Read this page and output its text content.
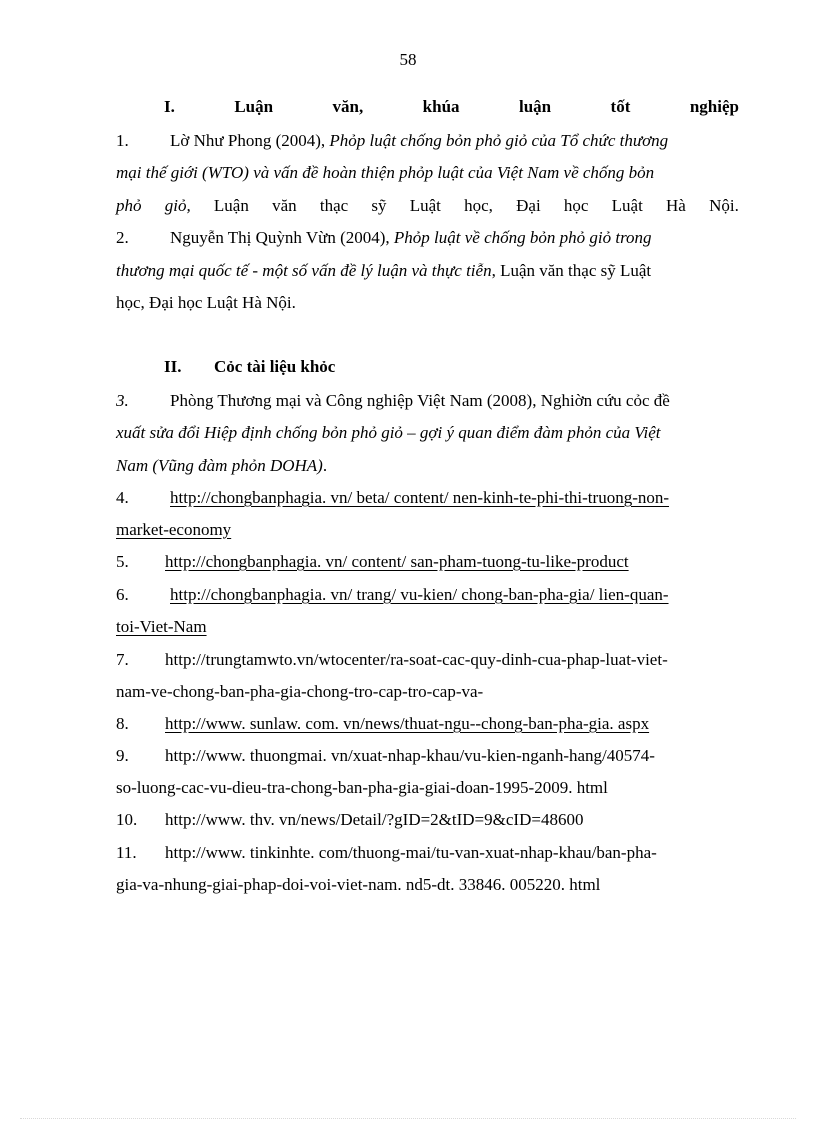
58
I.	Luận	văn,	khúa	luận	tốt	nghiệp
1. Lờ Như Phong (2004), Phỏp luật chống bỏn phỏ giỏ của Tổ chức thương
mại thế giới (WTO) và vấn đề hoàn thiện phỏp luật của Việt Nam về chống bỏn
phỏ giỏ, Luận văn thạc sỹ Luật học, Đại học Luật Hà Nội.
2. Nguyễn Thị Quỳnh Vừn (2004), Phỏp luật về chống bỏn phỏ giỏ trong
thương mại quốc tế - một số vấn đề lý luận và thực tiễn, Luận văn thạc sỹ Luật
học, Đại học Luật Hà Nội.
II. Cỏc tài liệu khỏc
3. Phòng Thương mại và Công nghiệp Việt Nam (2008), Nghiờn cứu cỏc đề
xuất sửa đổi Hiệp định chống bỏn phỏ giỏ – gợi ý quan điểm đàm phỏn của Việt
Nam (Vũng đàm phỏn DOHA).
4. http://chongbanphagia. vn/ beta/ content/ nen-kinh-te-phi-thi-truong-non-
market-economy
5. http://chongbanphagia. vn/ content/ san-pham-tuong-tu-like-product
6. http://chongbanphagia. vn/ trang/ vu-kien/ chong-ban-pha-gia/ lien-quan-
toi-Viet-Nam
7. http://trungtamwto.vn/wtocenter/ra-soat-cac-quy-dinh-cua-phap-luat-viet-
nam-ve-chong-ban-pha-gia-chong-tro-cap-tro-cap-va-
8. http://www. sunlaw. com. vn/news/thuat-ngu--chong-ban-pha-gia. aspx
9. http://www. thuongmai. vn/xuat-nhap-khau/vu-kien-nganh-hang/40574-
so-luong-cac-vu-dieu-tra-chong-ban-pha-gia-giai-doan-1995-2009. html
10. http://www. thv. vn/news/Detail/?gID=2&tID=9&cID=48600
11. http://www. tinkinhte. com/thuong-mai/tu-van-xuat-nhap-khau/ban-pha-
gia-va-nhung-giai-phap-doi-voi-viet-nam. nd5-dt. 33846. 005220. html
